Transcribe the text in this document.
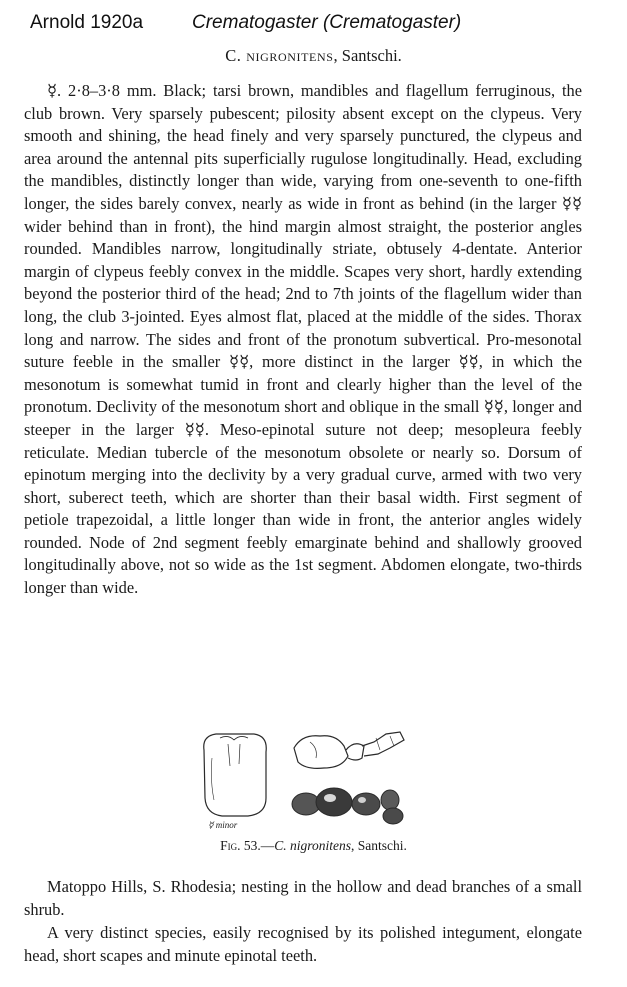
Arnold 1920a	Crematogaster (Crematogaster)
C. nigronitens, Santschi.

☿. 2·8–3·8 mm. Black; tarsi brown, mandibles and flagellum ferruginous, the club brown. Very sparsely pubescent; pilosity absent except on the clypeus. Very smooth and shining, the head finely and very sparsely punctured, the clypeus and area around the antennal pits superficially rugulose longitudinally. Head, excluding the mandibles, distinctly longer than wide, varying from one-seventh to one-fifth longer, the sides barely convex, nearly as wide in front as behind (in the larger ☿☿ wider behind than in front), the hind margin almost straight, the posterior angles rounded. Mandibles narrow, longitudinally striate, obtusely 4-dentate. Anterior margin of clypeus feebly convex in the middle. Scapes very short, hardly extending beyond the posterior third of the head; 2nd to 7th joints of the flagellum wider than long, the club 3-jointed. Eyes almost flat, placed at the middle of the sides. Thorax long and narrow. The sides and front of the pronotum subvertical. Pro-mesonotal suture feeble in the smaller ☿☿, more distinct in the larger ☿☿, in which the mesonotum is somewhat tumid in front and clearly higher than the level of the pronotum. Declivity of the mesonotum short and oblique in the small ☿☿, longer and steeper in the larger ☿☿. Meso-epinotal suture not deep; mesopleura feebly reticulate. Median tubercle of the mesonotum obsolete or nearly so. Dorsum of epinotum merging into the declivity by a very gradual curve, armed with two very short, suberect teeth, which are shorter than their basal width. First segment of petiole trapezoidal, a little longer than wide in front, the anterior angles widely rounded. Node of 2nd segment feebly emarginate behind and shallowly grooved longitudinally above, not so wide as the 1st segment. Abdomen elongate, two-thirds longer than wide.

☿ minor
Fig. 53.—C. nigronitens, Santschi.

Matoppo Hills, S. Rhodesia; nesting in the hollow and dead branches of a small shrub.

A very distinct species, easily recognised by its polished integument, elongate head, short scapes and minute epinotal teeth.
